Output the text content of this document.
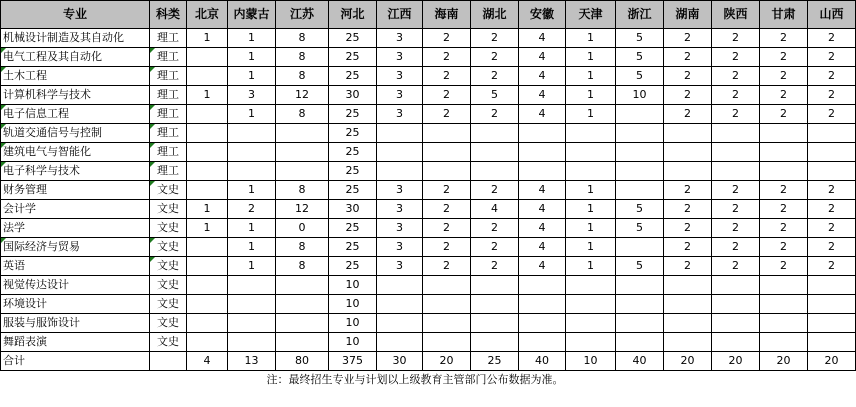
专业	科类	北京	内蒙古	江苏	河北	江西	海南	湖北	安徽	天津	浙江	湖南	陕西	甘肃	山西
机械设计制造及其自动化	理工	1	1	8	25	3	2	2	4	1	5	2	2	2	2

电气工程及其自动化	理工		1	8	25	3	2	2	4	1	5	2	2	2	2

土木工程	理工		1	8	25	3	2	2	4	1	5	2	2	2	2
计算机科学与技术	理工	1	3	12	30	3	2	5	4	1	10	2	2	2	2

电子信息工程	理工		1	8	25	3	2	2	4	1		2	2	2	2

轨道交通信号与控制	理工				25										

建筑电气与智能化	理工				25										

电子科学与技术	理工				25										
财务管理	文史		1	8	25	3	2	2	4	1		2	2	2	2
会计学	文史	1	2	12	30	3	2	4	4	1	5	2	2	2	2
法学	文史	1	1	0	25	3	2	2	4	1	5	2	2	2	2

国际经济与贸易	文史		1	8	25	3	2	2	4	1		2	2	2	2
英语	文史		1	8	25	3	2	2	4	1	5	2	2	2	2
视觉传达设计	文史				10										
环境设计	文史				10										
服装与服饰设计	文史				10										
舞蹈表演	文史				10										
合计		4	13	80	375	30	20	25	40	10	40	20	20	20	20
注：最终招生专业与计划以上级教育主管部门公布数据为准。
